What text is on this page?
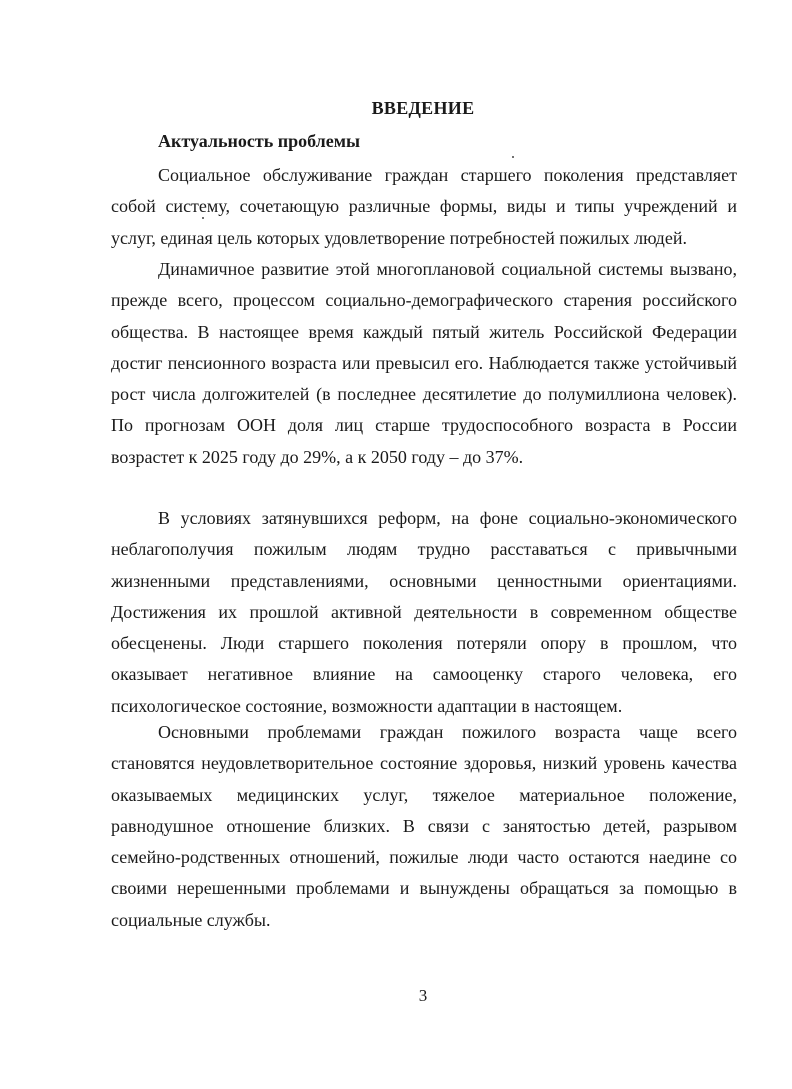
ВВЕДЕНИЕ
Актуальность проблемы

Социальное обслуживание граждан старшего поколения представляет собой систему, сочетающую различные формы, виды и типы учреждений и услуг, единая цель которых удовлетворение потребностей пожилых людей.

Динамичное развитие этой многоплановой социальной системы вызвано, прежде всего, процессом социально-демографического старения российского общества. В настоящее время каждый пятый житель Российской Федерации достиг пенсионного возраста или превысил его. Наблюдается также устойчивый рост числа долгожителей (в последнее десятилетие до полумиллиона человек). По прогнозам ООН доля лиц старше трудоспособного возраста в России возрастет к 2025 году до 29%, а к 2050 году – до 37%.

В условиях затянувшихся реформ, на фоне социально-экономического неблагополучия пожилым людям трудно расставаться с привычными жизненными представлениями, основными ценностными ориентациями. Достижения их прошлой активной деятельности в современном обществе обесценены. Люди старшего поколения потеряли опору в прошлом, что оказывает негативное влияние на самооценку старого человека, его психологическое состояние, возможности адаптации в настоящем.

Основными проблемами граждан пожилого возраста чаще всего становятся неудовлетворительное состояние здоровья, низкий уровень качества оказываемых медицинских услуг, тяжелое материальное положение, равнодушное отношение близких. В связи с занятостью детей, разрывом семейно-родственных отношений, пожилые люди часто остаются наедине со своими нерешенными проблемами и вынуждены обращаться за помощью в социальные службы.

3
